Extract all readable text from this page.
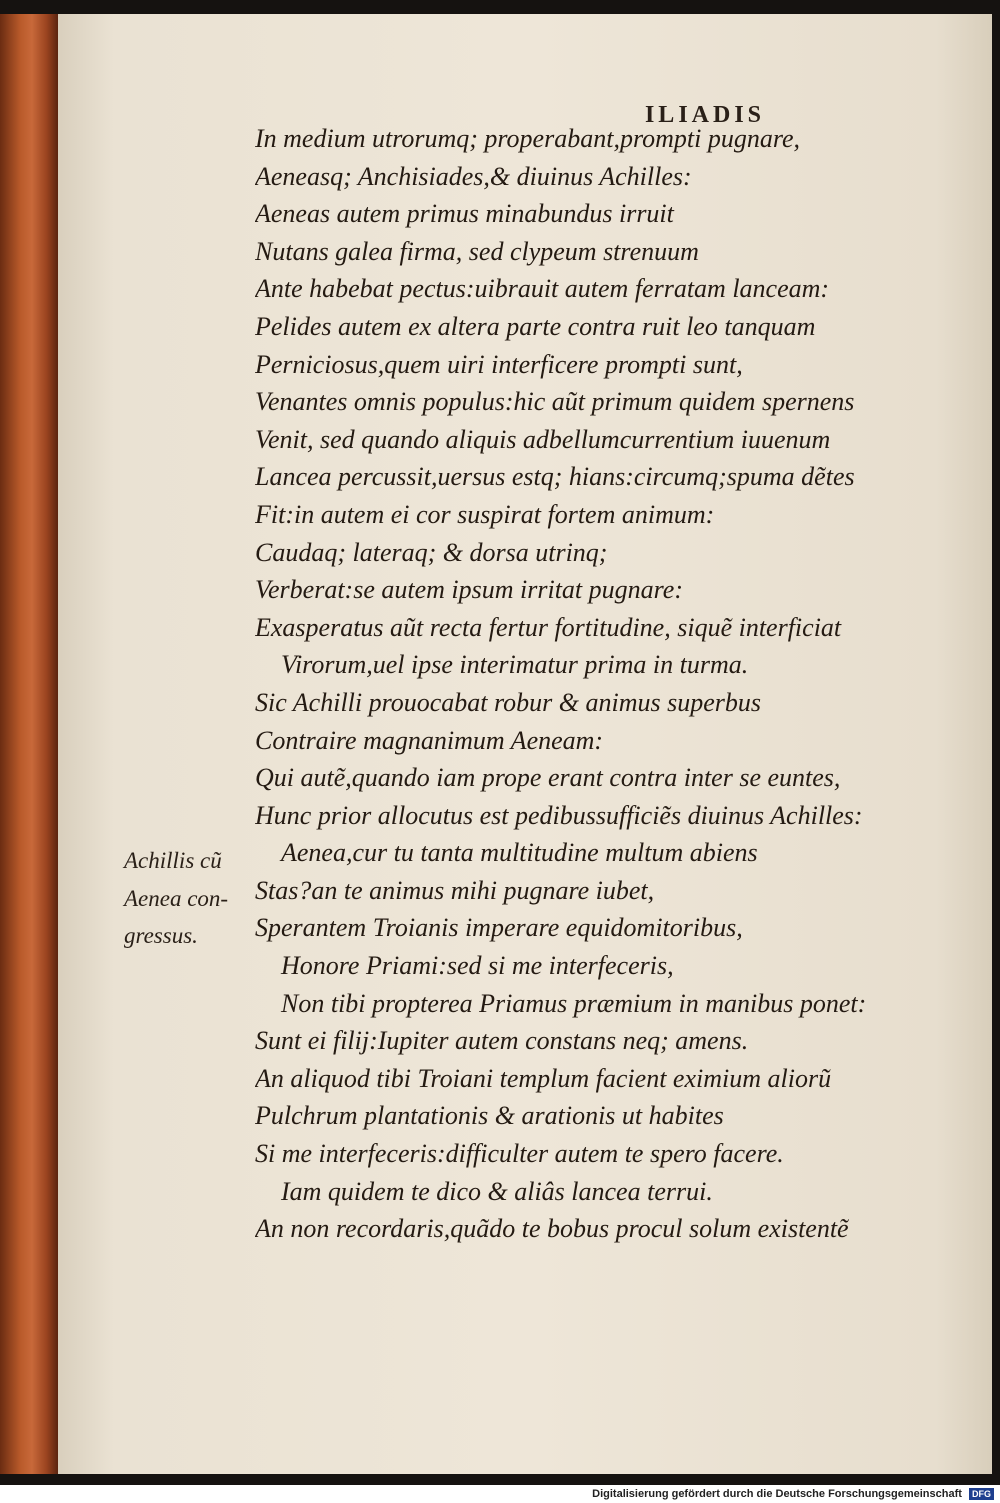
ILIADIS
In medium utrorumq; properabant,prompti pugnare,
Aeneasq; Anchisiades,& diuinus Achilles:
Aeneas autem primus minabundus irruit
Nutans galea firma, sed clypeum strenuum
Ante habebat pectus:uibrauit autem ferratam lanceam:
Pelides autem ex altera parte contra ruit leo tanquam
Perniciosus,quem uiri interficere prompti sunt,
Venantes omnis populus:hic aũt primum quidem spernens
Venit, sed quando aliquis adbellumcurrentium iuuenum
Lancea percussit,uersus estq; hians:circumq;spuma dẽtes
Fit:in autem ei cor suspirat fortem animum:
Caudaq; lateraq; & dorsa utrinq;
Verberat:se autem ipsum irritat pugnare:
Exasperatus aũt recta fertur fortitudine, siquẽ interficiat
Virorum,uel ipse interimatur prima in turma.
Sic Achilli prouocabat robur & animus superbus
Contraire magnanimum Aeneam:
Qui autẽ,quando iam prope erant contra inter se euntes,
Hunc prior allocutus est pedibussufficiẽs diuinus Achilles:
Aenea,cur tu tanta multitudine multum abiens
Stas?an te animus mihi pugnare iubet,
Sperantem Troianis imperare equidomitoribus,
Honore Priami:sed si me interfeceris,
Non tibi propterea Priamus præmium in manibus ponet:
Sunt ei filij:Iupiter autem constans neq; amens.
An aliquod tibi Troiani templum facient eximium aliorũ
Pulchrum plantationis & arationis ut habites
Si me interfeceris:difficulter autem te spero facere.
Iam quidem te dico & aliâs lancea terrui.
An non recordaris,quãdo te bobus procul solum existentẽ
Achillis cũ
Aenea con-
gressus.
Digitalisierung gefördert durch die Deutsche Forschungsgemeinschaft DFG
